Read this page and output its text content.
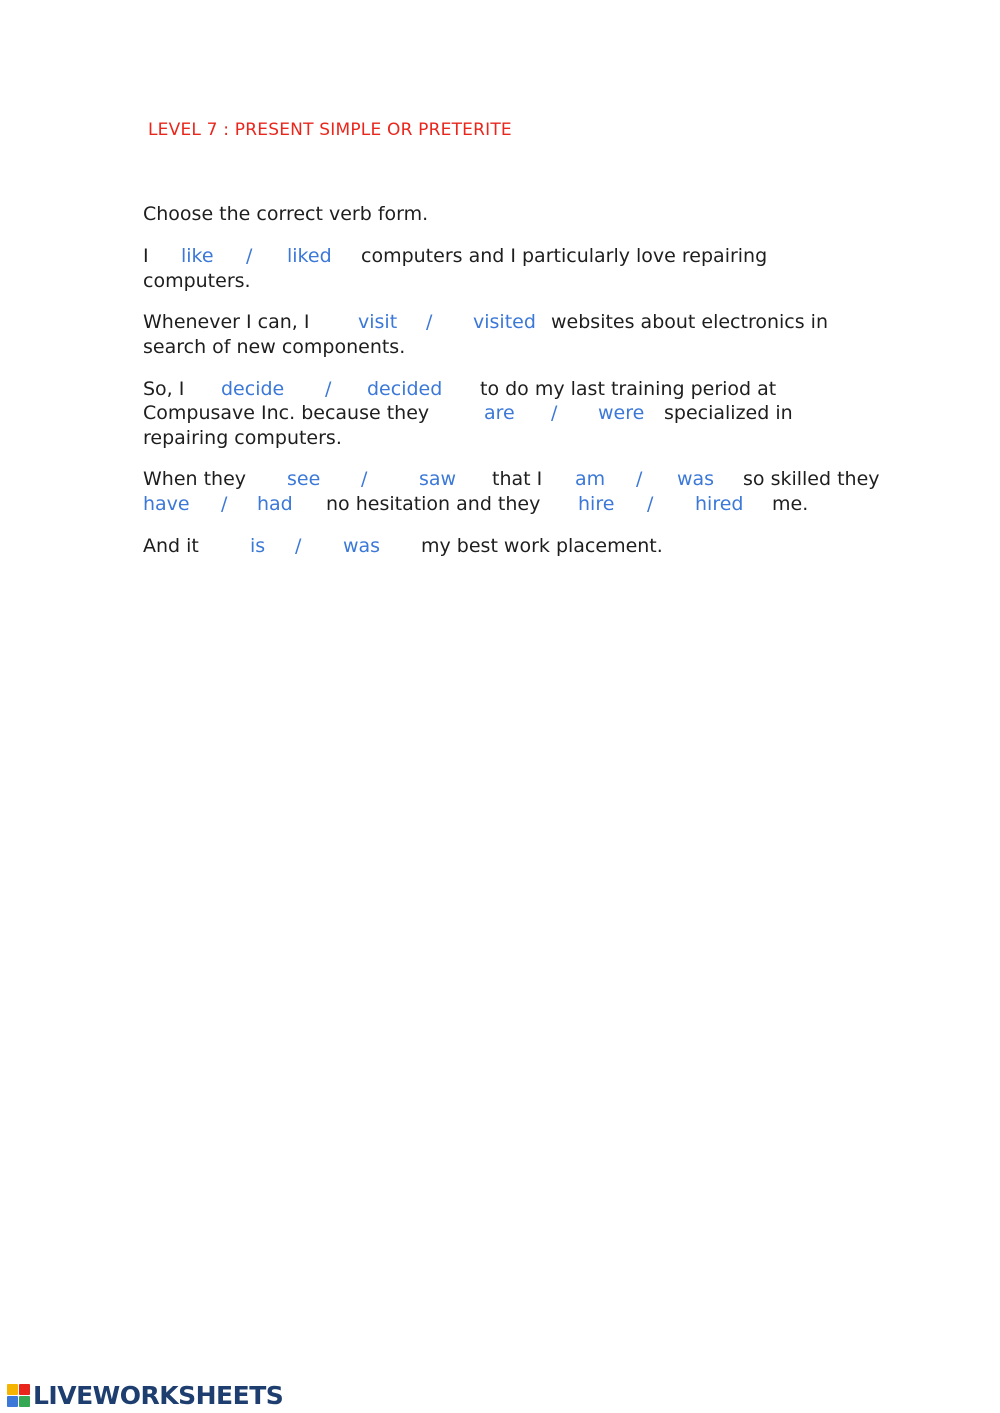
LEVEL 7 : PRESENT SIMPLE OR PRETERITE
Choose the correct verb form.
I like / liked computers and I particularly love repairing
computers.
Whenever I can, I	visit / visited websites about electronics in
search of new components.
So, I decide / decided to do my last training period at
Compusave Inc. because they	are / were specialized in
repairing computers.
When they see /	saw that I am / was so skilled they
have / had no hesitation and they hire / hired me.
And it	is / was my best work placement.
LIVEWORKSHEETS
